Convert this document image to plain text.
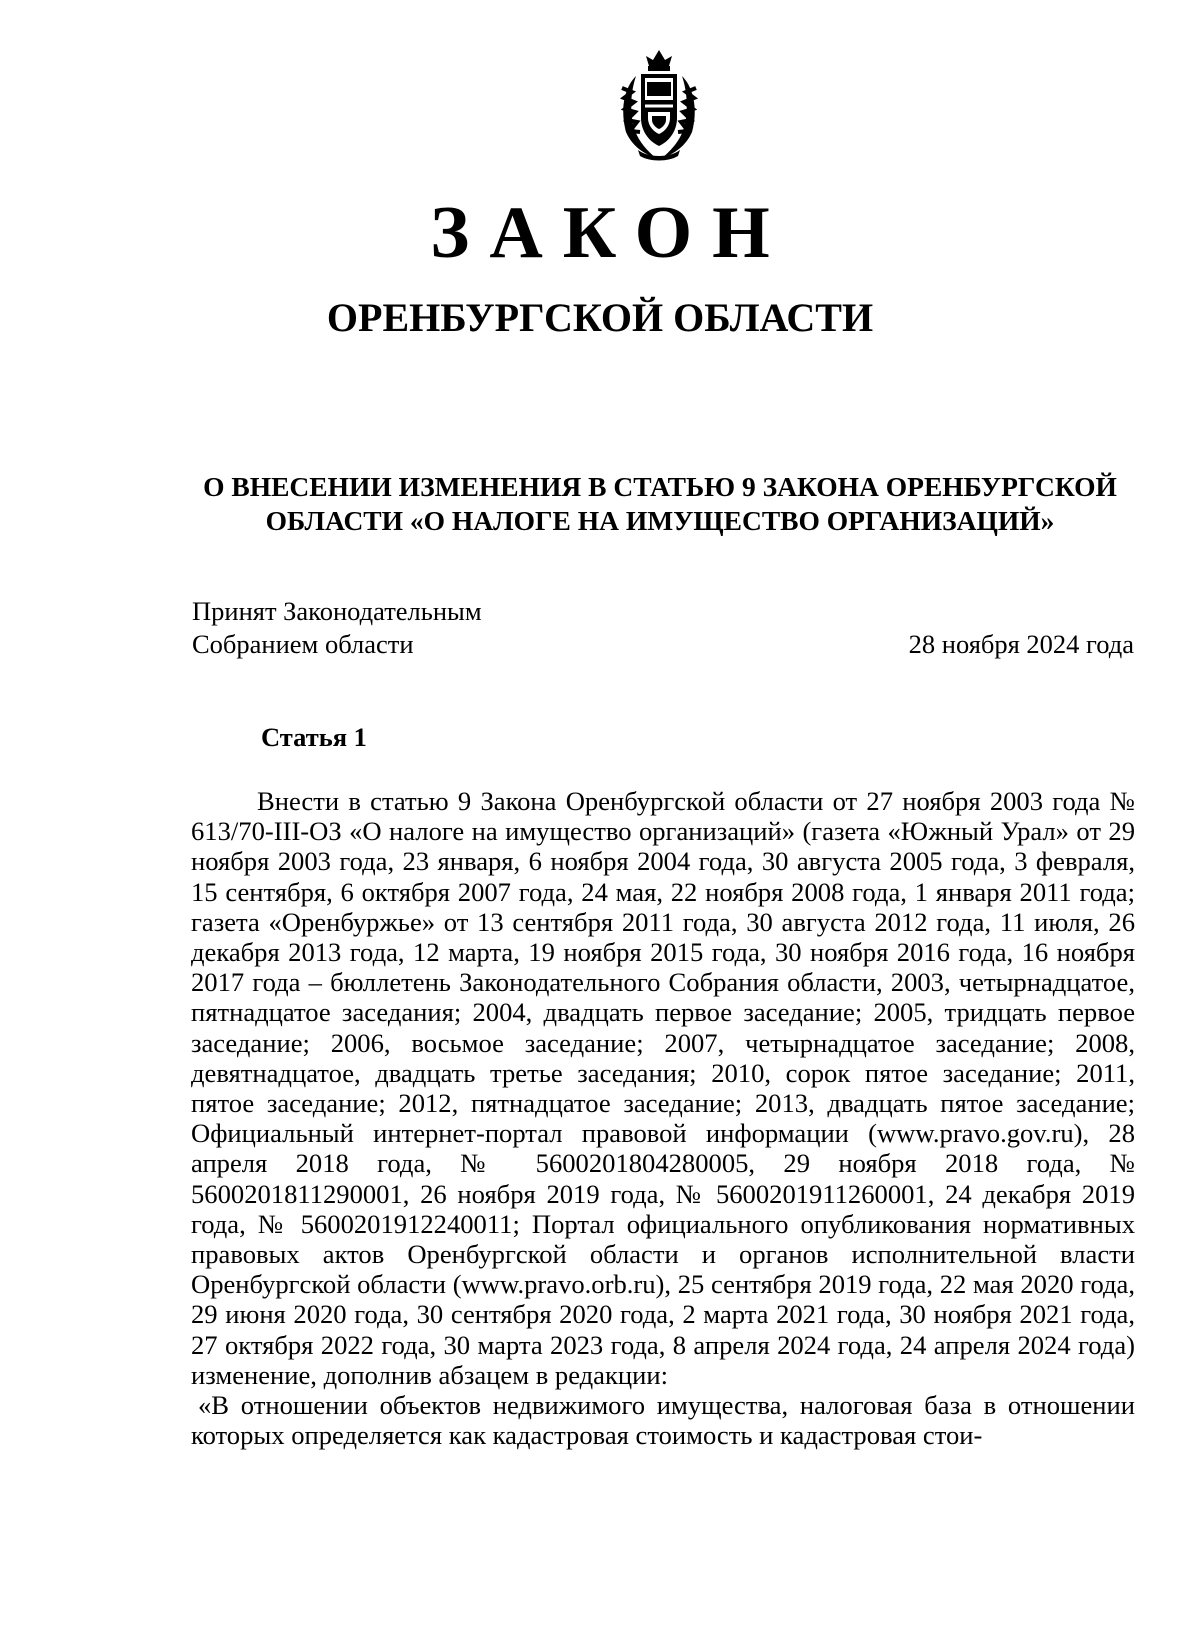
ЗАКОН
ОРЕНБУРГСКОЙ ОБЛАСТИ
О ВНЕСЕНИИ ИЗМЕНЕНИЯ В СТАТЬЮ 9 ЗАКОНА ОРЕНБУРГСКОЙ
ОБЛАСТИ «О НАЛОГЕ НА ИМУЩЕСТВО ОРГАНИЗАЦИЙ»
Принят Законодательным
Собранием области	28 ноября 2024 года
Статья 1

Внести в статью 9 Закона Оренбургской области от 27 ноября 2003 года № 613/70-III-ОЗ «О налоге на имущество организаций» (газета «Южный Урал» от 29 ноября 2003 года, 23 января, 6 ноября 2004 года, 30 августа 2005 года, 3 февраля, 15 сентября, 6 октября 2007 года, 24 мая, 22 ноября 2008 года, 1 января 2011 года; газета «Оренбуржье» от 13 сентября 2011 года, 30 августа 2012 года, 11 июля, 26 декабря 2013 года, 12 марта, 19 ноября 2015 года, 30 ноября 2016 года, 16 ноября 2017 года – бюллетень Законодательного Собрания области, 2003, четырнадцатое, пятнадцатое заседания; 2004, двадцать первое заседание; 2005, тридцать первое заседание; 2006, восьмое заседание; 2007, четырнадцатое заседание; 2008, девятнадцатое, двадцать третье заседания; 2010, сорок пятое заседание; 2011, пятое заседание; 2012, пятнадцатое заседание; 2013, двадцать пятое заседание; Официальный интернет-портал правовой информации (www.pravo.gov.ru), 28 апреля 2018 года, № 5600201804280005, 29 ноября 2018 года, № 5600201811290001, 26 ноября 2019 года, № 5600201911260001, 24 декабря 2019 года, № 5600201912240011; Портал официального опубликования нормативных правовых актов Оренбургской области и органов исполнительной власти Оренбургской области (www.pravo.orb.ru), 25 сентября 2019 года, 22 мая 2020 года, 29 июня 2020 года, 30 сентября 2020 года, 2 марта 2021 года, 30 ноября 2021 года, 27 октября 2022 года, 30 марта 2023 года, 8 апреля 2024 года, 24 апреля 2024 года) изменение, дополнив абзацем в редакции:

«В отношении объектов недвижимого имущества, налоговая база в отношении которых определяется как кадастровая стоимость и кадастровая стои-
